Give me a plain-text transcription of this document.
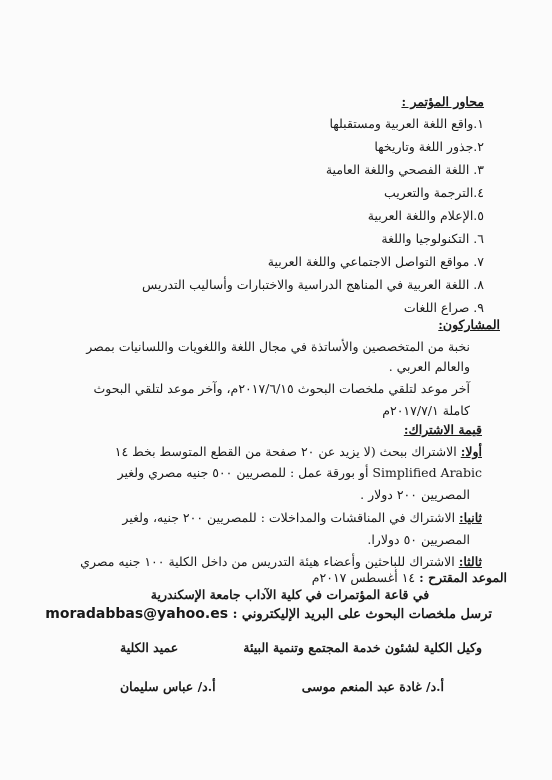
محاور المؤتمر :
١.واقع اللغة العربية ومستقبلها
٢.جذور اللغة وتاريخها
٣. اللغة الفصحي واللغة العامية
٤.الترجمة والتعريب
٥.الإعلام واللغة العربية
٦. التكنولوجيا واللغة
٧. مواقع التواصل الاجتماعي واللغة العربية
٨. اللغة العربية في المناهج الدراسية والاختبارات وأساليب التدريس
٩. صراع اللغات
المشاركون:
نخبة من المتخصصين والأساتذة في مجال اللغة واللغويات واللسانيات بمصر
والعالم العربي .
آخر موعد لتلقي ملخصات البحوث ٢٠١٧/٦/١٥م، وآخر موعد لتلقي البحوث
كاملة ٢٠١٧/٧/١م
قيمة الاشتراك:
أولا: الاشتراك ببحث (لا يزيد عن ٢٠ صفحة من القطع المتوسط بخط ١٤
Simplified Arabic أو بورقة عمل : للمصريين ٥٠٠ جنيه مصري ولغير
المصريين ٢٠٠ دولار .
ثانيا: الاشتراك في المناقشات والمداخلات : للمصريين ٢٠٠ جنيه، ولغير
المصريين ٥٠ دولارا.
ثالثا: الاشتراك للباحثين وأعضاء هيئة التدريس من داخل الكلية ١٠٠ جنيه مصري
الموعد المقترح : ١٤ أغسطس ٢٠١٧م
في قاعة المؤتمرات في كلية الآداب جامعة الإسكندرية
ترسل ملخصات البحوث على البريد الإليكتروني : moradabbas@yahoo.es
وكيل الكلية لشئون خدمة المجتمع وتنمية البيئة
عميد الكلية
أ.د/ غادة عبد المنعم موسى
أ.د/ عباس سليمان
